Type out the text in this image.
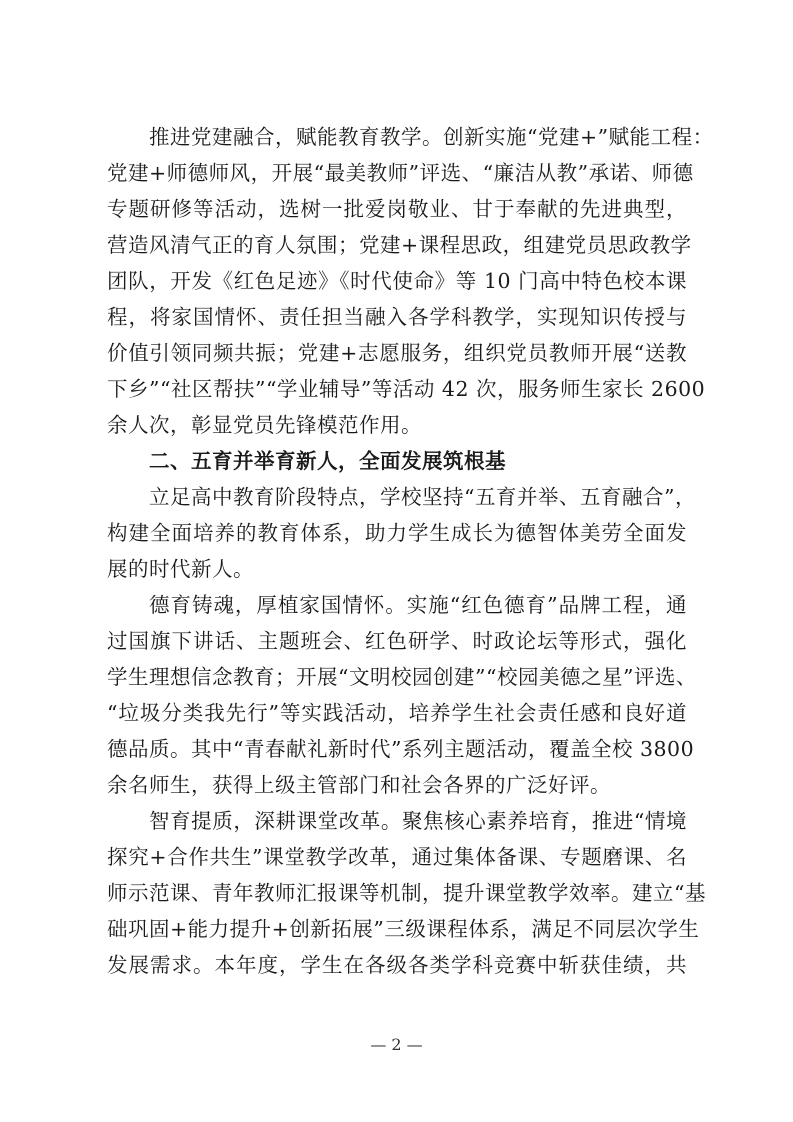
推进党建融合，赋能教育教学。创新实施“党建+”赋能工程：
党建+师德师风，开展“最美教师”评选、“廉洁从教”承诺、师德
专题研修等活动，选树一批爱岗敬业、甘于奉献的先进典型，
营造风清气正的育人氛围；党建+课程思政，组建党员思政教学
团队，开发《红色足迹》《时代使命》等 10 门高中特色校本课
程，将家国情怀、责任担当融入各学科教学，实现知识传授与
价值引领同频共振；党建+志愿服务，组织党员教师开展“送教
下乡”“社区帮扶”“学业辅导”等活动 42 次，服务师生家长 2600
余人次，彰显党员先锋模范作用。
二、五育并举育新人，全面发展筑根基
立足高中教育阶段特点，学校坚持“五育并举、五育融合”，
构建全面培养的教育体系，助力学生成长为德智体美劳全面发
展的时代新人。
德育铸魂，厚植家国情怀。实施“红色德育”品牌工程，通
过国旗下讲话、主题班会、红色研学、时政论坛等形式，强化
学生理想信念教育；开展“文明校园创建”“校园美德之星”评选、
“垃圾分类我先行”等实践活动，培养学生社会责任感和良好道
德品质。其中“青春献礼新时代”系列主题活动，覆盖全校 3800
余名师生，获得上级主管部门和社会各界的广泛好评。
智育提质，深耕课堂改革。聚焦核心素养培育，推进“情境
探究+合作共生”课堂教学改革，通过集体备课、专题磨课、名
师示范课、青年教师汇报课等机制，提升课堂教学效率。建立“基
础巩固+能力提升+创新拓展”三级课程体系，满足不同层次学生
发展需求。本年度，学生在各级各类学科竞赛中斩获佳绩，共
— 2 —
